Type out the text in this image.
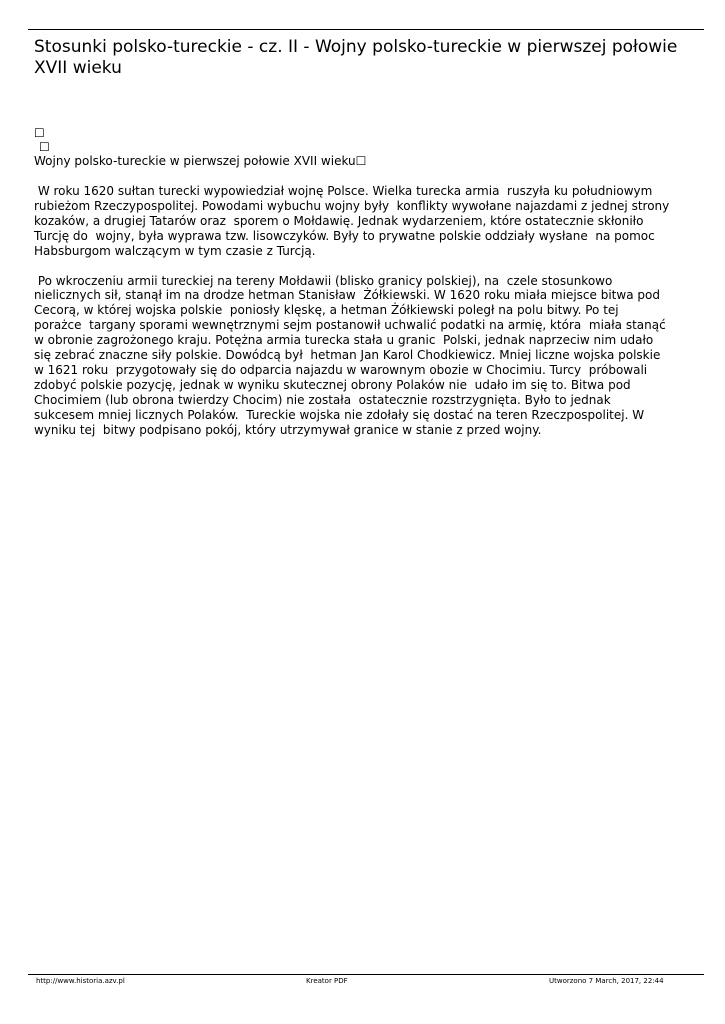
Stosunki polsko-tureckie - cz. II - Wojny polsko-tureckie w pierwszej połowie XVII wieku
☐
☐
Wojny polsko-tureckie w pierwszej połowie XVII wieku☐

W roku 1620 sułtan turecki wypowiedział wojnę Polsce. Wielka turecka armia  ruszyła ku południowym
rubieżom Rzeczypospolitej. Powodami wybuchu wojny były  konflikty wywołane najazdami z jednej strony
kozaków, a drugiej Tatarów oraz  sporem o Mołdawię. Jednak wydarzeniem, które ostatecznie skłoniło
Turcję do  wojny, była wyprawa tzw. lisowczyków. Były to prywatne polskie oddziały wysłane  na pomoc
Habsburgom walczącym w tym czasie z Turcją.

Po wkroczeniu armii tureckiej na tereny Mołdawii (blisko granicy polskiej), na  czele stosunkowo
nielicznych sił, stanął im na drodze hetman Stanisław  Żółkiewski. W 1620 roku miała miejsce bitwa pod
Cecorą, w której wojska polskie  poniosły klęskę, a hetman Żółkiewski poległ na polu bitwy. Po tej
porażce  targany sporami wewnętrznymi sejm postanowił uchwalić podatki na armię, która  miała stanąć
w obronie zagrożonego kraju. Potężna armia turecka stała u granic  Polski, jednak naprzeciw nim udało
się zebrać znaczne siły polskie. Dowódcą był  hetman Jan Karol Chodkiewicz. Mniej liczne wojska polskie
w 1621 roku  przygotowały się do odparcia najazdu w warownym obozie w Chocimiu. Turcy  próbowali
zdobyć polskie pozycję, jednak w wyniku skutecznej obrony Polaków nie  udało im się to. Bitwa pod
Chocimiem (lub obrona twierdzy Chocim) nie została  ostatecznie rozstrzygnięta. Było to jednak
sukcesem mniej licznych Polaków.  Tureckie wojska nie zdołały się dostać na teren Rzeczpospolitej. W
wyniku tej  bitwy podpisano pokój, który utrzymywał granice w stanie z przed wojny.

http://www.historia.azv.pl	Kreator PDF	Utworzono 7 March, 2017, 22:44
